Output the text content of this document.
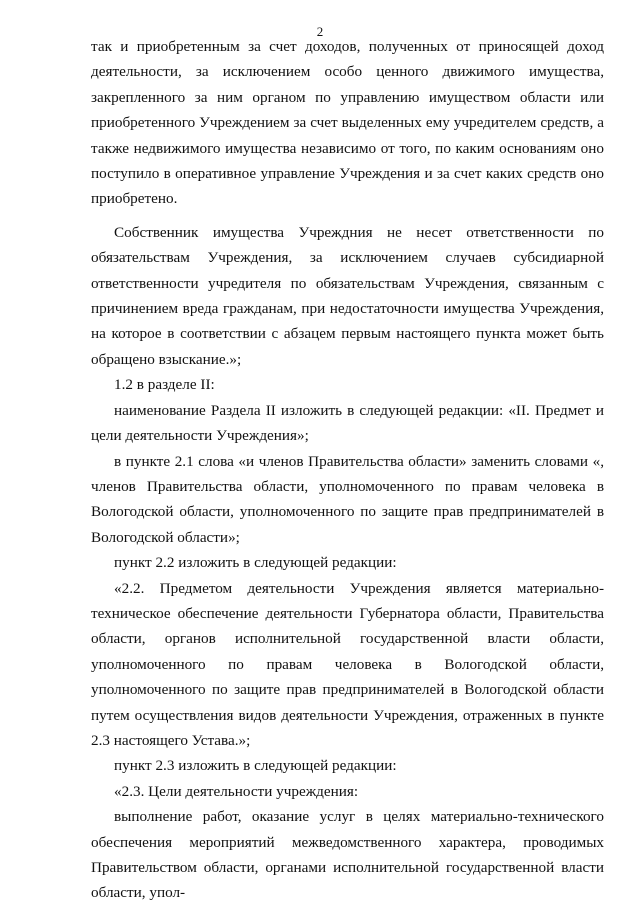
2

так и приобретенным за счет доходов, полученных от приносящей доход деятельности, за исключением особо ценного движимого имущества, закрепленного за ним органом по управлению имуществом области или приобретенного Учреждением за счет выделенных ему учредителем средств, а также недвижимого имущества независимо от того, по каким основаниям оно поступило в оперативное управление Учреждения и за счет каких средств оно приобретено.

Собственник имущества Учреждния не несет ответственности по обязательствам Учреждения, за исключением случаев субсидиарной ответственности учредителя по обязательствам Учреждения, связанным с причинением вреда гражданам, при недостаточности имущества Учреждения, на которое в соответствии с абзацем первым настоящего пункта может быть обращено взыскание.»;

1.2 в разделе II:

наименование Раздела II изложить в следующей редакции: «II. Предмет и цели деятельности Учреждения»;

в пункте 2.1 слова «и членов Правительства области» заменить словами «, членов Правительства области, уполномоченного по правам человека в Вологодской области, уполномоченного по защите прав предпринимателей в Вологодской области»;

пункт 2.2 изложить в следующей редакции:

«2.2. Предметом деятельности Учреждения является материально-техническое обеспечение деятельности Губернатора области, Правительства области, органов исполнительной государственной власти области, уполномоченного по правам человека в Вологодской области, уполномоченного по защите прав предпринимателей в Вологодской области путем осуществления видов деятельности Учреждения, отраженных в пункте 2.3 настоящего Устава.»;

пункт 2.3 изложить в следующей редакции:

«2.3. Цели деятельности учреждения:

выполнение работ, оказание услуг в целях материально-технического обеспечения мероприятий межведомственного характера, проводимых Правительством области, органами исполнительной государственной власти области, упол-
